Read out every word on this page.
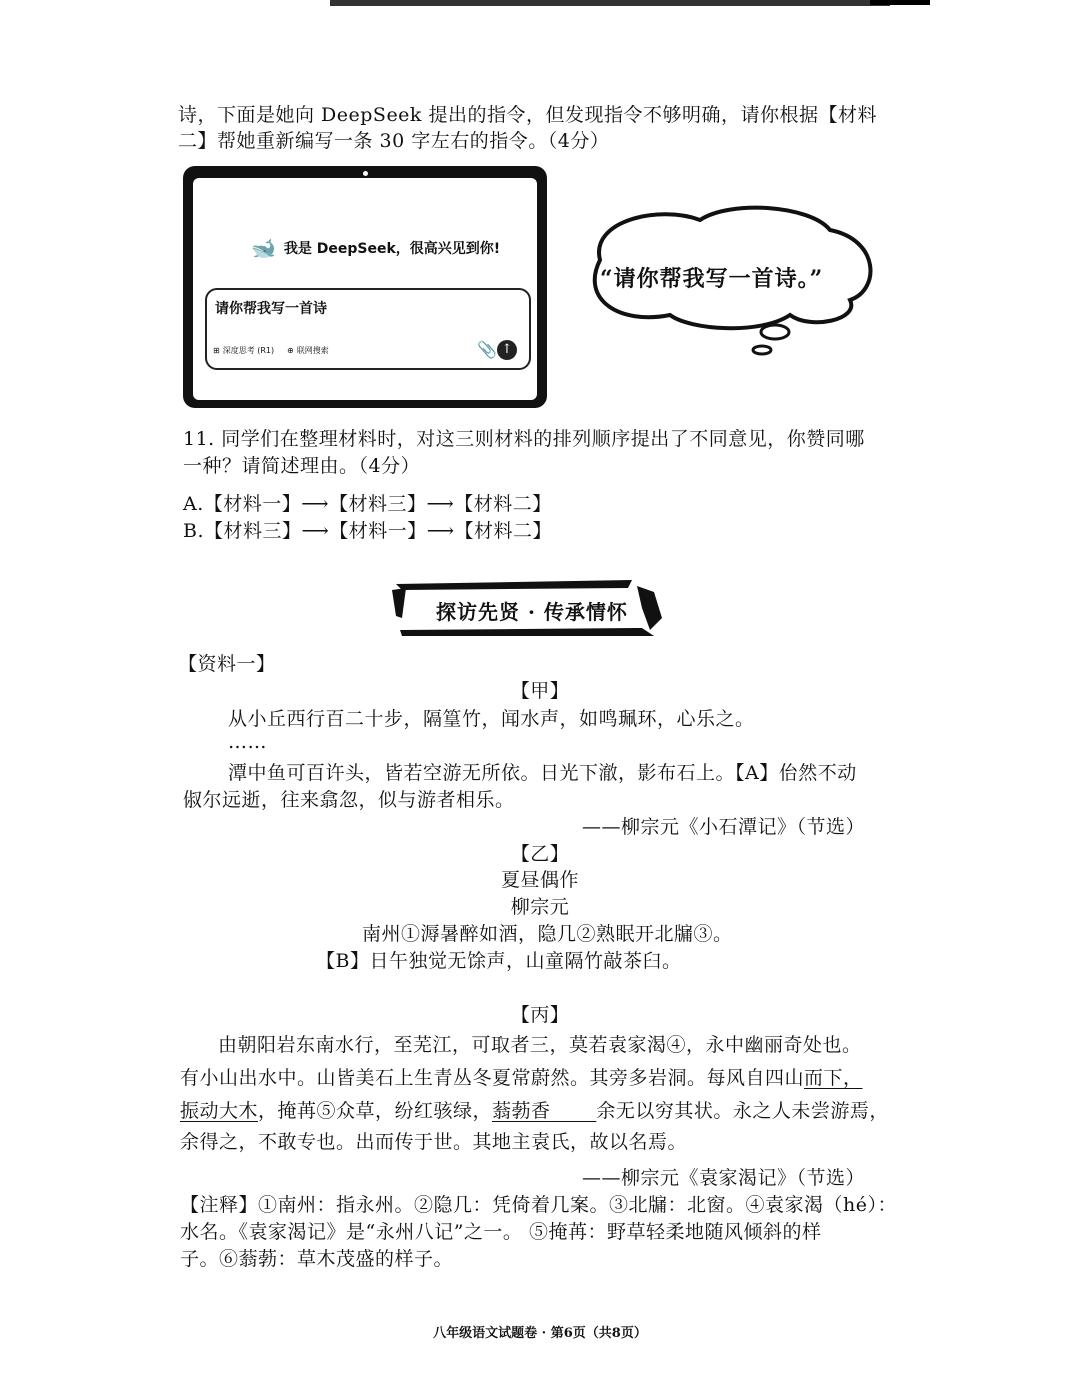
诗，下面是她向 DeepSeek 提出的指令，但发现指令不够明确，请你根据【材料
二】帮她重新编写一条 30 字左右的指令。（4分）
🐋 我是 DeepSeek，很高兴见到你!
请你帮我写一首诗
⊞ 深度思考 (R1) ⊕ 联网搜索	📎 ↑
“请你帮我写一首诗。”
11. 同学们在整理材料时，对这三则材料的排列顺序提出了不同意见，你赞同哪
一种？请简述理由。（4分）
A.【材料一】⟶【材料三】⟶【材料二】
B.【材料三】⟶【材料一】⟶【材料二】
探访先贤 · 传承情怀
【资料一】
【甲】
从小丘西行百二十步，隔篁竹，闻水声，如鸣珮环，心乐之。
……
潭中鱼可百许头，皆若空游无所依。日光下澈，影布石上。【A】佁然不动
俶尔远逝，往来翕忽，似与游者相乐。
——柳宗元《小石潭记》（节选）
【乙】
夏昼偶作
柳宗元
南州①溽暑醉如酒，隐几②熟眠开北牖③。
【B】日午独觉无馀声，山童隔竹敲茶臼。
【丙】
由朝阳岩东南水行，至芜江，可取者三，莫若袁家渴④，永中幽丽奇处也。
有小山出水中。山皆美石上生青丛冬夏常蔚然。其旁多岩洞。每风自四山而下，
振动大木，掩苒⑤众草，纷红骇绿，蓊葧香 余无以穷其状。永之人未尝游焉，
余得之，不敢专也。出而传于世。其地主袁氏，故以名焉。
——柳宗元《袁家渴记》（节选）
【注释】①南州：指永州。②隐几：凭倚着几案。③北牖：北窗。④袁家渴（hé）：
水名。《袁家渴记》是“永州八记”之一。 ⑤掩苒：野草轻柔地随风倾斜的样
子。⑥蓊葧：草木茂盛的样子。
八年级语文试题卷 · 第6页（共8页）
